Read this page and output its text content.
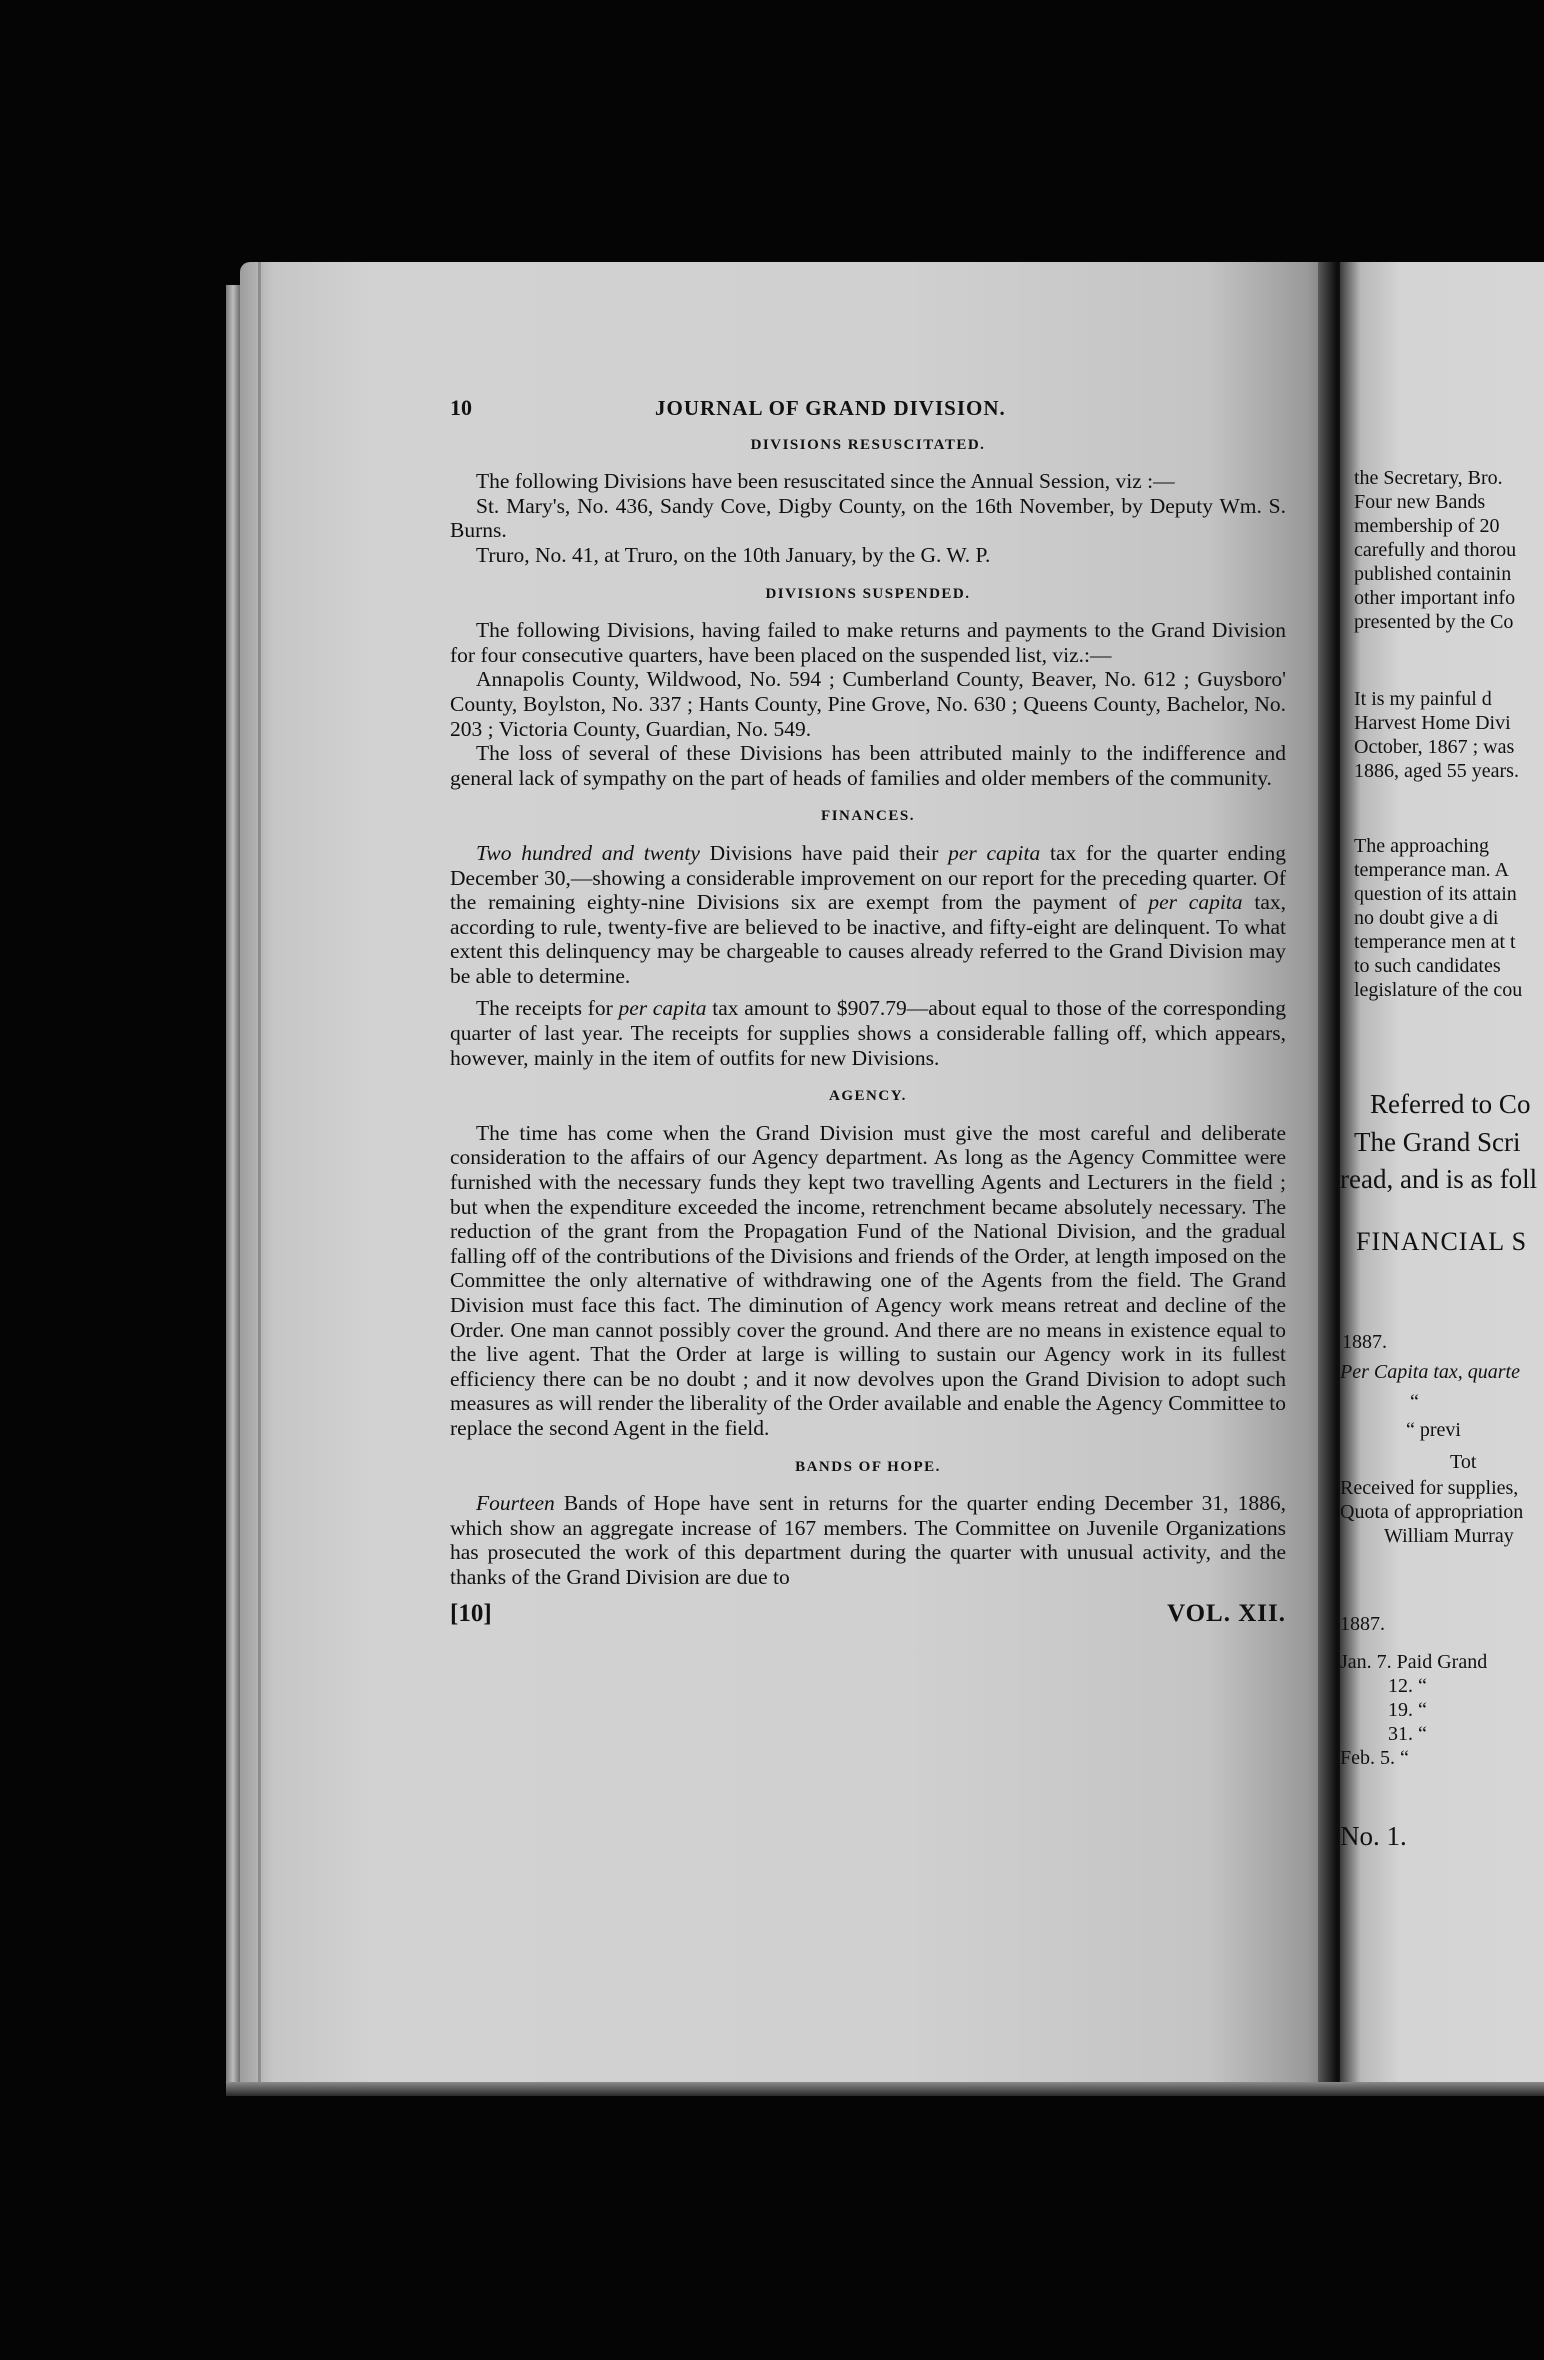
10	JOURNAL OF GRAND DIVISION.
DIVISIONS RESUSCITATED.

The following Divisions have been resuscitated since the Annual Session, viz :—

St. Mary's, No. 436, Sandy Cove, Digby County, on the 16th November, by Deputy Wm. S. Burns.

Truro, No. 41, at Truro, on the 10th January, by the G. W. P.

DIVISIONS SUSPENDED.

The following Divisions, having failed to make returns and payments to the Grand Division for four consecutive quarters, have been placed on the suspended list, viz.:—

Annapolis County, Wildwood, No. 594 ; Cumberland County, Beaver, No. 612 ; Guysboro' County, Boylston, No. 337 ; Hants County, Pine Grove, No. 630 ; Queens County, Bachelor, No. 203 ; Victoria County, Guardian, No. 549.

The loss of several of these Divisions has been attributed mainly to the indifference and general lack of sympathy on the part of heads of families and older members of the community.

FINANCES.

Two hundred and twenty Divisions have paid their per capita tax for the quarter ending December 30,—showing a considerable improvement on our report for the preceding quarter. Of the remaining eighty-nine Divisions six are exempt from the payment of per capita tax, according to rule, twenty-five are believed to be inactive, and fifty-eight are delinquent. To what extent this delinquency may be chargeable to causes already referred to the Grand Division may be able to determine.

The receipts for per capita tax amount to $907.79—about equal to those of the corresponding quarter of last year. The receipts for supplies shows a considerable falling off, which appears, however, mainly in the item of outfits for new Divisions.

AGENCY.

The time has come when the Grand Division must give the most careful and deliberate consideration to the affairs of our Agency department. As long as the Agency Committee were furnished with the necessary funds they kept two travelling Agents and Lecturers in the field ; but when the expenditure exceeded the income, retrenchment became absolutely necessary. The reduction of the grant from the Propagation Fund of the National Division, and the gradual falling off of the contributions of the Divisions and friends of the Order, at length imposed on the Committee the only alternative of withdrawing one of the Agents from the field. The Grand Division must face this fact. The diminution of Agency work means retreat and decline of the Order. One man cannot possibly cover the ground. And there are no means in existence equal to the live agent. That the Order at large is willing to sustain our Agency work in its fullest efficiency there can be no doubt ; and it now devolves upon the Grand Division to adopt such measures as will render the liberality of the Order available and enable the Agency Committee to replace the second Agent in the field.

BANDS OF HOPE.

Fourteen Bands of Hope have sent in returns for the quarter ending December 31, 1886, which show an aggregate increase of 167 members. The Committee on Juvenile Organizations has prosecuted the work of this department during the quarter with unusual activity, and the thanks of the Grand Division are due to

[10]	VOL. XII.
the Secretary, Bro.
Four new Bands
membership of 20
carefully and thorou
published containin
other important info
presented by the Co
It is my painful d
Harvest Home Divi
October, 1867 ; was
1886, aged 55 years.
The approaching
temperance man. A
question of its attain
no doubt give a di
temperance men at t
to such candidates
legislature of the cou
Referred to Co
The Grand Scri
read, and is as foll
FINANCIAL S
1887.
Per Capita tax, quarte
“
“ previ
Tot
Received for supplies,
Quota of appropriation
William Murray
1887.
Jan. 7. Paid Grand
12. “
19. “
31. “
Feb. 5. “
No. 1.
